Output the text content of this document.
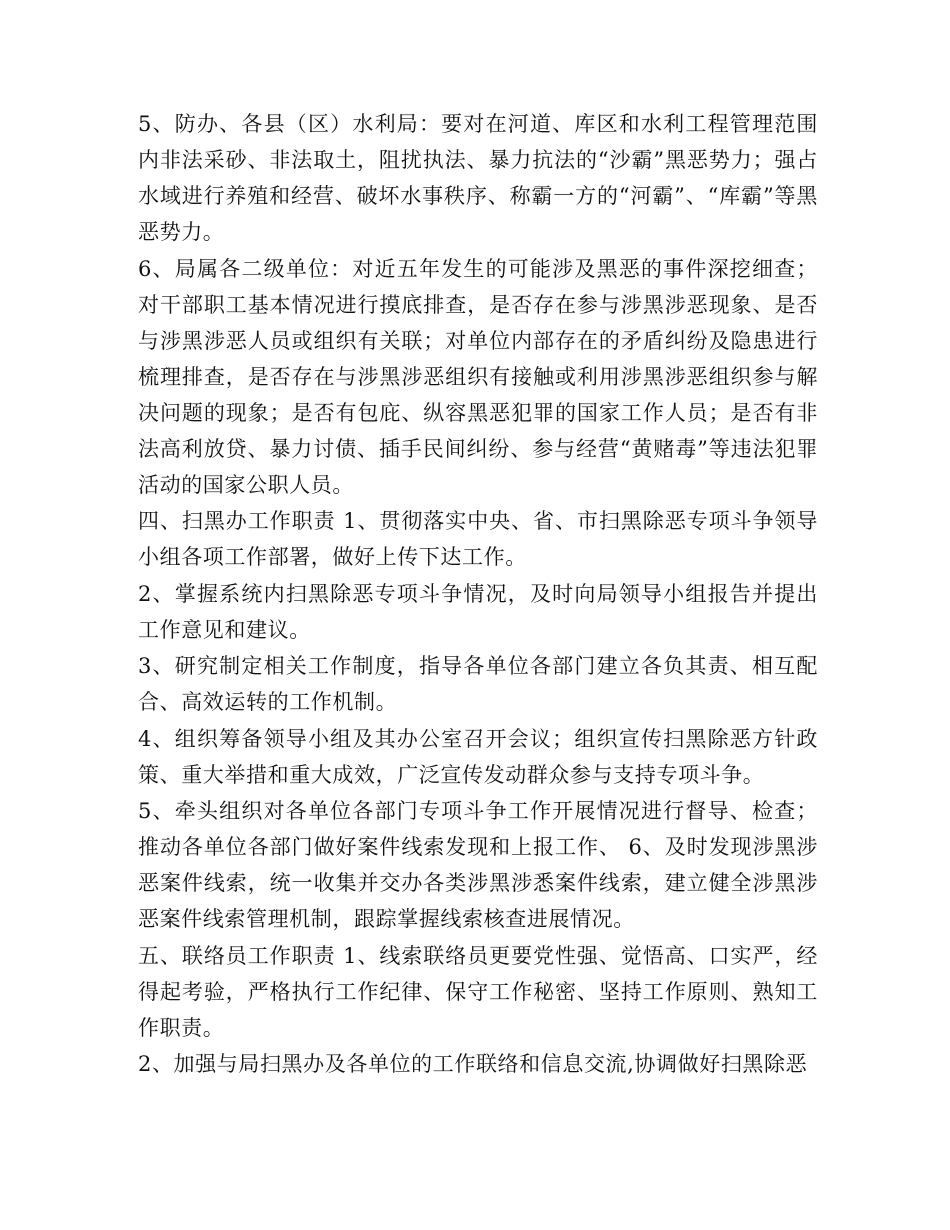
5、防办、各县（区）水利局：要对在河道、库区和水利工程管理范围内非法采砂、非法取土，阻扰执法、暴力抗法的“沙霸”黑恶势力；强占水域进行养殖和经营、破坏水事秩序、称霸一方的“河霸”、“库霸”等黑恶势力。

6、局属各二级单位：对近五年发生的可能涉及黑恶的事件深挖细查；对干部职工基本情况进行摸底排查，是否存在参与涉黑涉恶现象、是否与涉黑涉恶人员或组织有关联；对单位内部存在的矛盾纠纷及隐患进行梳理排查，是否存在与涉黑涉恶组织有接触或利用涉黑涉恶组织参与解决问题的现象；是否有包庇、纵容黑恶犯罪的国家工作人员；是否有非法高利放贷、暴力讨债、插手民间纠纷、参与经营“黄赌毒”等违法犯罪活动的国家公职人员。

四、扫黑办工作职责 1、贯彻落实中央、省、市扫黑除恶专项斗争领导小组各项工作部署，做好上传下达工作。

2、掌握系统内扫黑除恶专项斗争情况，及时向局领导小组报告并提出工作意见和建议。

3、研究制定相关工作制度，指导各单位各部门建立各负其责、相互配合、高效运转的工作机制。

4、组织筹备领导小组及其办公室召开会议；组织宣传扫黑除恶方针政策、重大举措和重大成效，广泛宣传发动群众参与支持专项斗争。

5、牵头组织对各单位各部门专项斗争工作开展情况进行督导、检查；推动各单位各部门做好案件线索发现和上报工作、 6、及时发现涉黑涉恶案件线索，统一收集并交办各类涉黑涉悉案件线索，建立健全涉黑涉恶案件线索管理机制，跟踪掌握线索核查进展情况。

五、联络员工作职责 1、线索联络员更要党性强、觉悟高、口实严，经得起考验，严格执行工作纪律、保守工作秘密、坚持工作原则、熟知工作职责。

2、加强与局扫黑办及各单位的工作联络和信息交流,协调做好扫黑除恶
